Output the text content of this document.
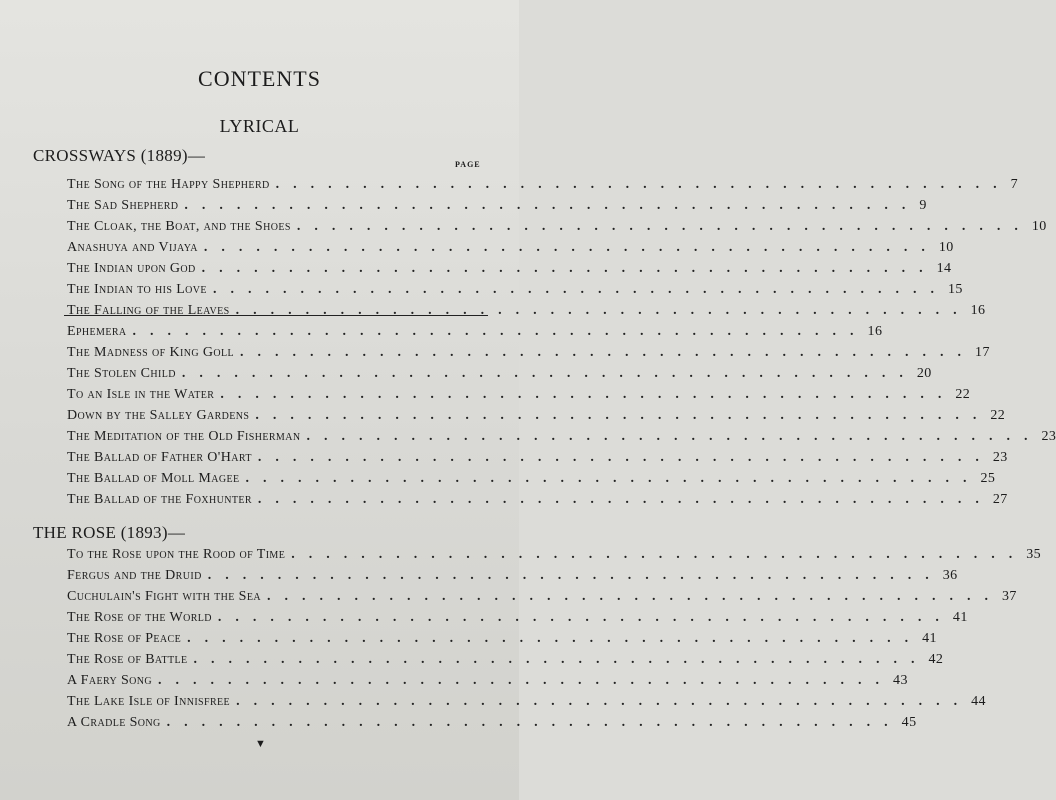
CONTENTS
LYRICAL
CROSSWAYS (1889)—	PAGE
The Song of the Happy Shepherd .......................................... 7
The Sad Shepherd .......................................... 9
The Cloak, the Boat, and the Shoes .......................................... 10
Anashuya and Vijaya .......................................... 10
The Indian upon God .......................................... 14
The Indian to his Love .......................................... 15
The Falling of the Leaves .......................................... 16
Ephemera .......................................... 16
The Madness of King Goll .......................................... 17
The Stolen Child .......................................... 20
To an Isle in the Water .......................................... 22
Down by the Salley Gardens .......................................... 22
The Meditation of the Old Fisherman .......................................... 23
The Ballad of Father O'Hart .......................................... 23
The Ballad of Moll Magee .......................................... 25
The Ballad of the Foxhunter .......................................... 27
THE ROSE (1893)—
To the Rose upon the Rood of Time .......................................... 35
Fergus and the Druid .......................................... 36
Cuchulain's Fight with the Sea .......................................... 37
The Rose of the World .......................................... 41
The Rose of Peace .......................................... 41
The Rose of Battle .......................................... 42
A Faery Song .......................................... 43
The Lake Isle of Innisfree .......................................... 44
A Cradle Song .......................................... 45
▼
